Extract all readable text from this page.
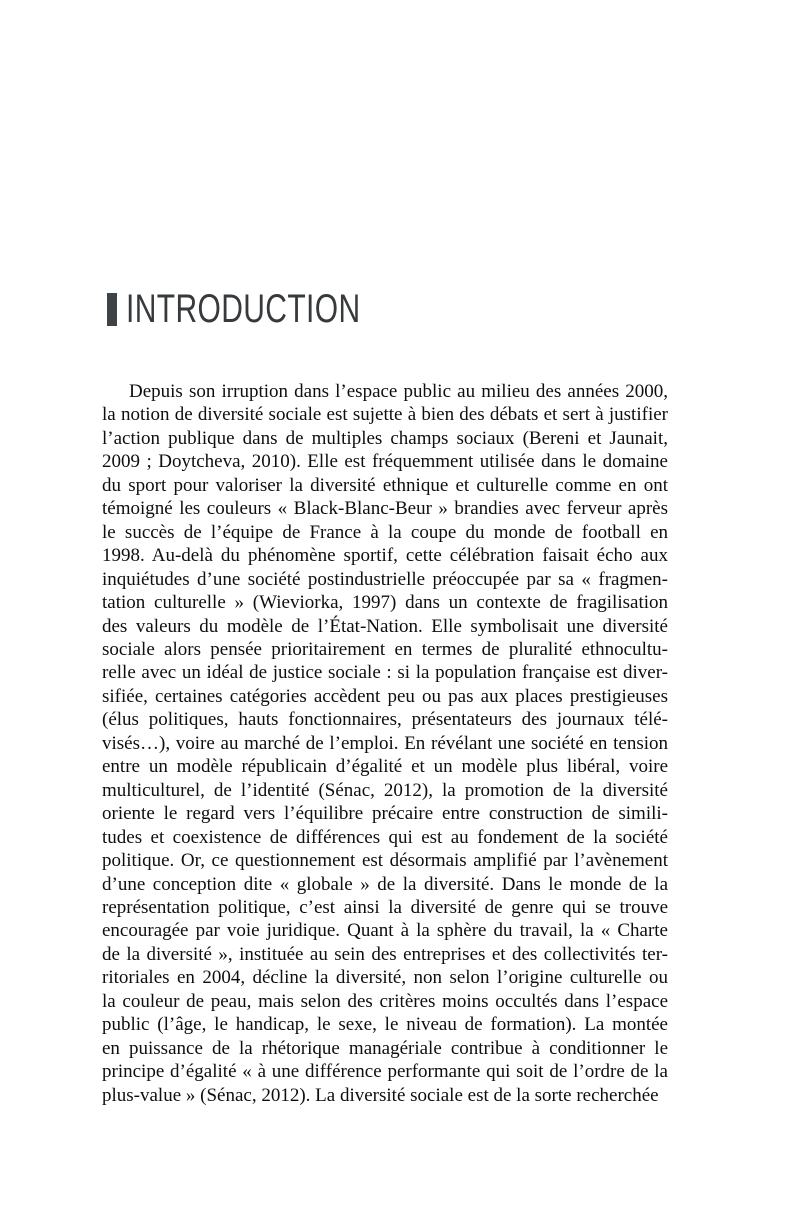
INTRODUCTION
Depuis son irruption dans l’espace public au milieu des années 2000,
la notion de diversité sociale est sujette à bien des débats et sert à justifier
l’action publique dans de multiples champs sociaux (Bereni et Jaunait,
2009 ; Doytcheva, 2010). Elle est fréquemment utilisée dans le domaine
du sport pour valoriser la diversité ethnique et culturelle comme en ont
témoigné les couleurs « Black-Blanc-Beur » brandies avec ferveur après
le succès de l’équipe de France à la coupe du monde de football en
1998. Au-delà du phénomène sportif, cette célébration faisait écho aux
inquiétudes d’une société postindustrielle préoccupée par sa « fragmen-
tation culturelle » (Wieviorka, 1997) dans un contexte de fragilisation
des valeurs du modèle de l’État-Nation. Elle symbolisait une diversité
sociale alors pensée prioritairement en termes de pluralité ethnocultu-
relle avec un idéal de justice sociale : si la population française est diver-
sifiée, certaines catégories accèdent peu ou pas aux places prestigieuses
(élus politiques, hauts fonctionnaires, présentateurs des journaux télé-
visés…), voire au marché de l’emploi. En révélant une société en tension
entre un modèle républicain d’égalité et un modèle plus libéral, voire
multiculturel, de l’identité (Sénac, 2012), la promotion de la diversité
oriente le regard vers l’équilibre précaire entre construction de simili-
tudes et coexistence de différences qui est au fondement de la société
politique. Or, ce questionnement est désormais amplifié par l’avènement
d’une conception dite « globale » de la diversité. Dans le monde de la
représentation politique, c’est ainsi la diversité de genre qui se trouve
encouragée par voie juridique. Quant à la sphère du travail, la « Charte
de la diversité », instituée au sein des entreprises et des collectivités ter-
ritoriales en 2004, décline la diversité, non selon l’origine culturelle ou
la couleur de peau, mais selon des critères moins occultés dans l’espace
public (l’âge, le handicap, le sexe, le niveau de formation). La montée
en puissance de la rhétorique managériale contribue à conditionner le
principe d’égalité « à une différence performante qui soit de l’ordre de la
plus-value » (Sénac, 2012). La diversité sociale est de la sorte recherchée
